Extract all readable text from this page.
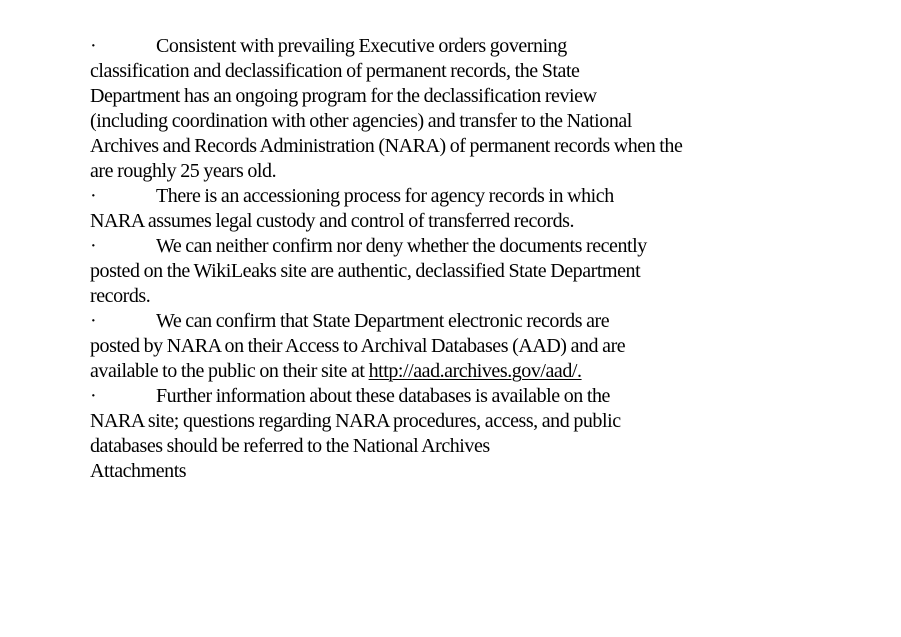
·	Consistent with prevailing Executive orders governing
classification and declassification of permanent records, the State
Department has an ongoing program for the declassification review
(including coordination with other agencies) and transfer to the National
Archives and Records Administration (NARA) of permanent records when the
are roughly 25 years old.
·	There is an accessioning process for agency records in which
NARA assumes legal custody and control of transferred records.
·	We can neither confirm nor deny whether the documents recently
posted on the WikiLeaks site are authentic, declassified State Department
records.
·	We can confirm that State Department electronic records are
posted by NARA on their Access to Archival Databases (AAD) and are
available to the public on their site at http://aad.archives.gov/aad/.
·	Further information about these databases is available on the
NARA site; questions regarding NARA procedures, access, and public
databases should be referred to the National Archives
Attachments
